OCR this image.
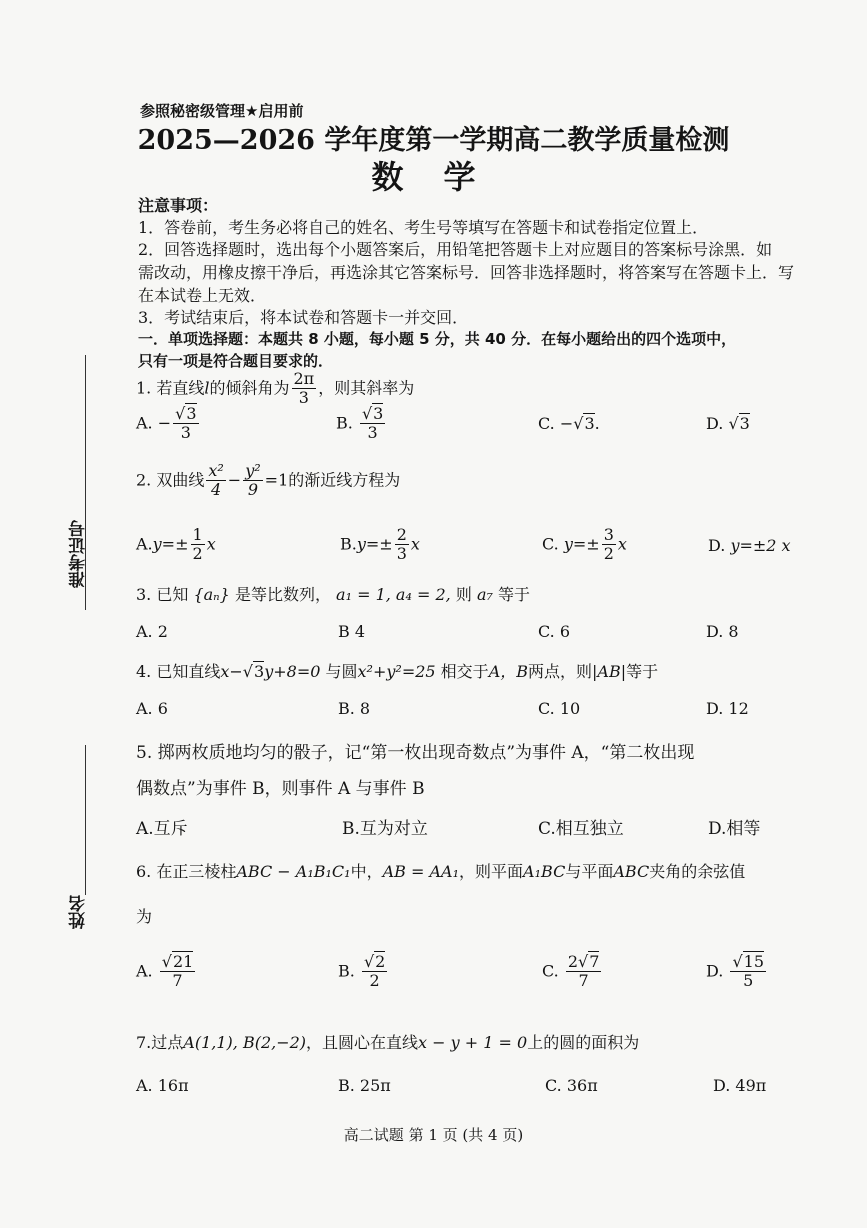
参照秘密级管理★启用前
2025—2026 学年度第一学期高二教学质量检测
数学
注意事项：
1．答卷前，考生务必将自己的姓名、考生号等填写在答题卡和试卷指定位置上．
2．回答选择题时，选出每个小题答案后，用铅笔把答题卡上对应题目的答案标号涂黑．如
需改动，用橡皮擦干净后，再选涂其它答案标号．回答非选择题时，将答案写在答题卡上．写
在本试卷上无效．
3．考试结束后，将本试卷和答题卡一并交回．
一．单项选择题：本题共 8 小题，每小题 5 分，共 40 分．在每小题给出的四个选项中，
只有一项是符合题目要求的．
准考证号
姓名
1. 若直线l的倾斜角为 $\frac{2\pi}{3}$ ，则其斜率为
A. − $\frac{√3}{3}$	B. $\frac{√3}{3}$	C. −√3.	D. √3
2. 双曲线 $\frac{\text{x²}}{4} - \frac{\text{y²}}{9} =1$的渐近线方程为
$A.y=\pm \frac{1}{2}$ x	$B.y=\pm \frac{2}{3}$ x	C. $y=\pm \frac{3}{2}$ x	D. y=±2 x
3. 已知 {aₙ} 是等比数列， a₁ = 1, a₄ = 2, 则 a₇ 等于
A. 2	B 4	C. 6	D. 8
4. 已知直线x−√3y+8=0 与圆x²+y²=25 相交于A，B两点，则|AB|等于
A. 6	B. 8	C. 10	D. 12
5. 掷两枚质地均匀的骰子，记“第一枚出现奇数点”为事件 A，“第二枚出现
偶数点”为事件 B，则事件 A 与事件 B
A.互斥	B.互为对立	C.相互独立	D.相等
6. 在正三棱柱ABC − A₁B₁C₁中，AB = AA₁，则平面A₁BC与平面ABC夹角的余弦值
为
A. $\frac{√21}{7}$	B. $\frac{√2}{2}$	C. $\frac{2√7}{7}$	D. $\frac{√15}{5}$
7.过点A(1,1), B(2,−2)，且圆心在直线x − y + 1 = 0上的圆的面积为
A. 16π	B. 25π	C. 36π	D. 49π
高二试题 第 1 页 (共 4 页)
